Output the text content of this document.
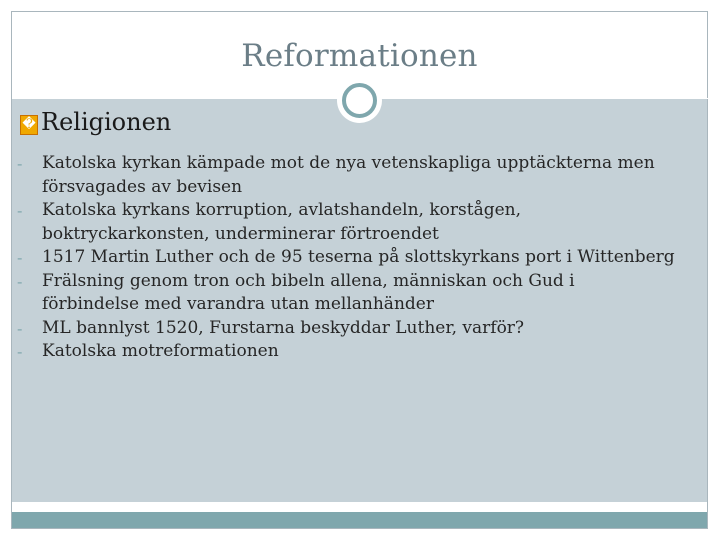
Reformationen
� Religionen
- Katolska kyrkan kämpade mot de nya vetenskapliga upptäckterna men försvagades av bevisen
- Katolska kyrkans korruption, avlatshandeln, korstågen, boktryckarkonsten, underminerar förtroendet
- 1517 Martin Luther och de 95 teserna på slottskyrkans port i Wittenberg
- Frälsning genom tron och bibeln allena, människan och Gud i förbindelse med varandra utan mellanhänder
- ML bannlyst 1520, Furstarna beskyddar Luther, varför?
- Katolska motreformationen
